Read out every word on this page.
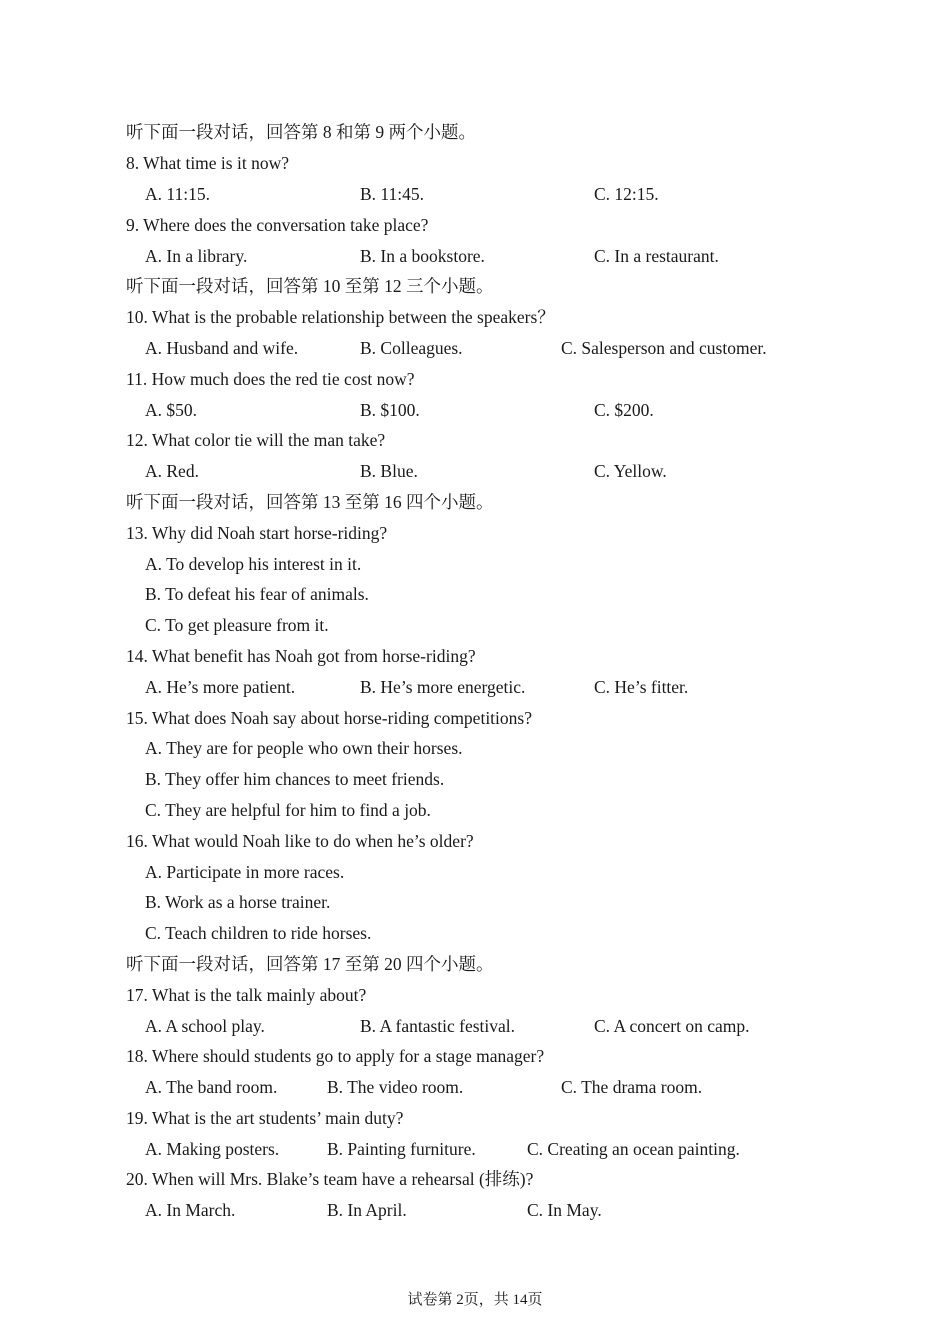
听下面一段对话，回答第 8 和第 9 两个小题。
8. What time is it now?
A. 11:15.	B. 11:45.	C. 12:15.
9. Where does the conversation take place?
A. In a library.	B. In a bookstore.	C. In a restaurant.
听下面一段对话，回答第 10 至第 12 三个小题。
10. What is the probable relationship between the speakers？
A. Husband and wife.	B. Colleagues.	C. Salesperson and customer.
11. How much does the red tie cost now?
A. $50.	B. $100.	C. $200.
12. What color tie will the man take?
A. Red.	B. Blue.	C. Yellow.
听下面一段对话，回答第 13 至第 16 四个小题。
13. Why did Noah start horse-riding?
A. To develop his interest in it.
B. To defeat his fear of animals.
C. To get pleasure from it.
14. What benefit has Noah got from horse-riding?
A. He’s more patient.	B. He’s more energetic.	C. He’s fitter.
15. What does Noah say about horse-riding competitions?
A. They are for people who own their horses.
B. They offer him chances to meet friends.
C. They are helpful for him to find a job.
16. What would Noah like to do when he’s older?
A. Participate in more races.
B. Work as a horse trainer.
C. Teach children to ride horses.
听下面一段对话，回答第 17 至第 20 四个小题。
17. What is the talk mainly about?
A. A school play.	B. A fantastic festival.	C. A concert on camp.
18. Where should students go to apply for a stage manager?
A. The band room.	B. The video room.	C. The drama room.
19. What is the art students’ main duty?
A. Making posters.	B. Painting furniture.	C. Creating an ocean painting.
20. When will Mrs. Blake’s team have a rehearsal (排练)?
A. In March.	B. In April.	C. In May.
试卷第 2页，共 14页
